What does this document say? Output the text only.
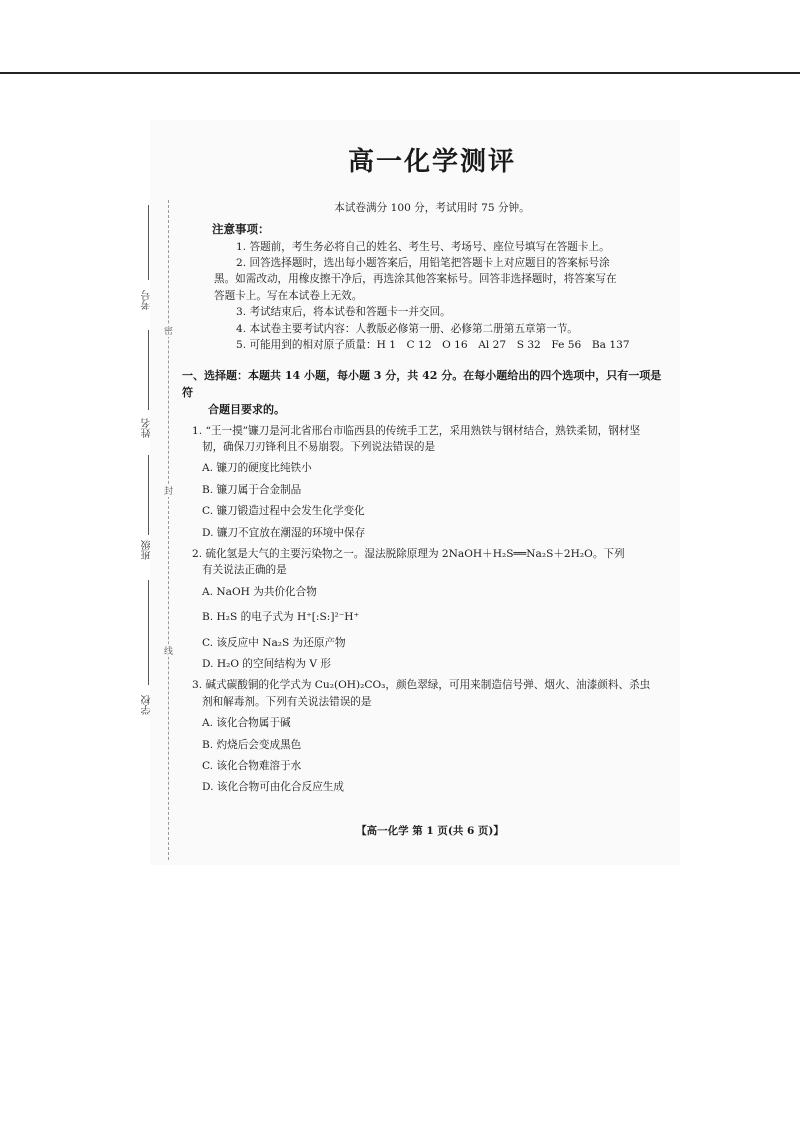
密
封
线
考号
姓名
班级
学校
高一化学测评
本试卷满分 100 分，考试用时 75 分钟。
注意事项：
1. 答题前，考生务必将自己的姓名、考生号、考场号、座位号填写在答题卡上。
2. 回答选择题时，选出每小题答案后，用铅笔把答题卡上对应题目的答案标号涂
黑。如需改动，用橡皮擦干净后，再选涂其他答案标号。回答非选择题时，将答案写在
答题卡上。写在本试卷上无效。
3. 考试结束后，将本试卷和答题卡一并交回。
4. 本试卷主要考试内容：人教版必修第一册、必修第二册第五章第一节。
5. 可能用到的相对原子质量：H 1　C 12　O 16　Al 27　S 32　Fe 56　Ba 137
一、选择题：本题共 14 小题，每小题 3 分，共 42 分。在每小题给出的四个选项中，只有一项是符
合题目要求的。
1. “王一摸”镰刀是河北省邢台市临西县的传统手工艺，采用熟铁与钢材结合，熟铁柔韧，钢材坚
韧，确保刀刃锋利且不易崩裂。下列说法错误的是
A. 镰刀的硬度比纯铁小
B. 镰刀属于合金制品
C. 镰刀锻造过程中会发生化学变化
D. 镰刀不宜放在潮湿的环境中保存
2. 硫化氢是大气的主要污染物之一。湿法脱除原理为 2NaOH＋H₂S══Na₂S＋2H₂O。下列
有关说法正确的是
A. NaOH 为共价化合物
B. H₂S 的电子式为 H⁺[:S:]²⁻H⁺
C. 该反应中 Na₂S 为还原产物
D. H₂O 的空间结构为 V 形
3. 碱式碳酸铜的化学式为 Cu₂(OH)₂CO₃，颜色翠绿，可用来制造信号弹、烟火、油漆颜料、杀虫
剂和解毒剂。下列有关说法错误的是
A. 该化合物属于碱
B. 灼烧后会变成黑色
C. 该化合物难溶于水
D. 该化合物可由化合反应生成
【高一化学 第 1 页(共 6 页)】
